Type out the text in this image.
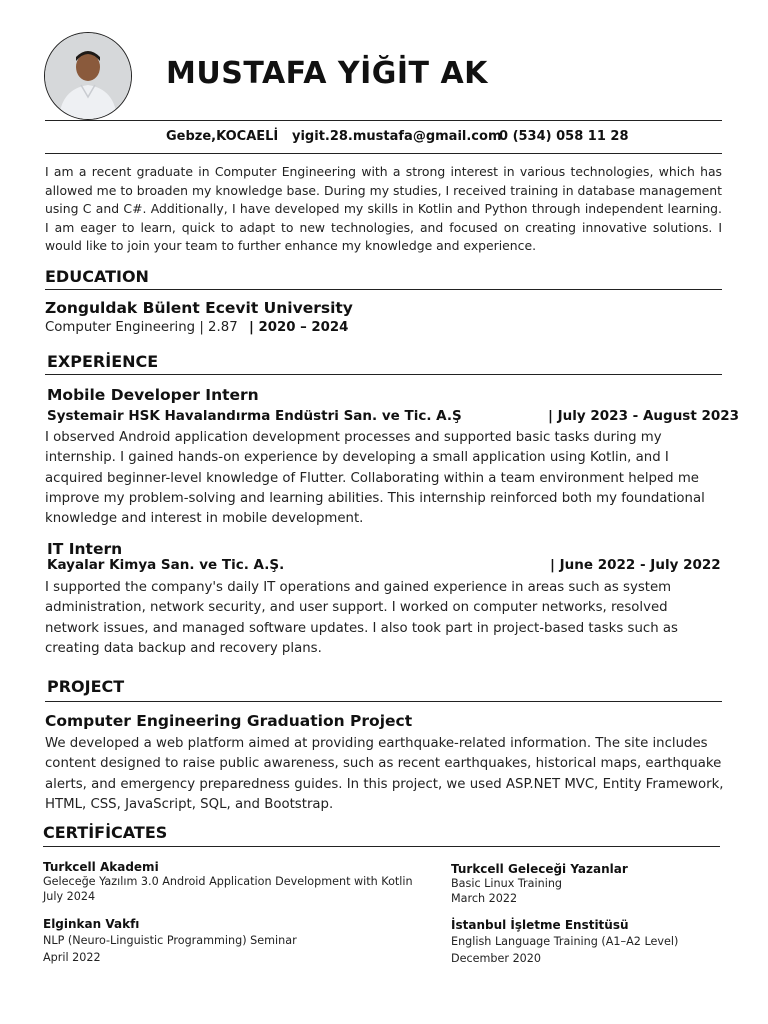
MUSTAFA YİĞİT AK
Gebze,KOCAELİ yigit.28.mustafa@gmail.com
0 (534) 058 11 28
I am a recent graduate in Computer Engineering with a strong interest in various technologies, which has allowed me to broaden my knowledge base. During my studies, I received training in database management using C and C#. Additionally, I have developed my skills in Kotlin and Python through independent learning. I am eager to learn, quick to adapt to new technologies, and focused on creating innovative solutions. I would like to join your team to further enhance my knowledge and experience.
EDUCATION
Zonguldak Bülent Ecevit University
Computer Engineering | 2.87 | 2020 – 2024
EXPERİENCE
Mobile Developer Intern
Systemair HSK Havalandırma Endüstri San. ve Tic. A.Ş	| July 2023 - August 2023
I observed Android application development processes and supported basic tasks during my internship. I gained hands-on experience by developing a small application using Kotlin, and I acquired beginner-level knowledge of Flutter. Collaborating within a team environment helped me improve my problem-solving and learning abilities. This internship reinforced both my foundational knowledge and interest in mobile development.
IT Intern
Kayalar Kimya San. ve Tic. A.Ş.	| June 2022 - July 2022
I supported the company's daily IT operations and gained experience in areas such as system administration, network security, and user support. I worked on computer networks, resolved network issues, and managed software updates. I also took part in project-based tasks such as creating data backup and recovery plans.
PROJECT
Computer Engineering Graduation Project
We developed a web platform aimed at providing earthquake-related information. The site includes content designed to raise public awareness, such as recent earthquakes, historical maps, earthquake alerts, and emergency preparedness guides. In this project, we used ASP.NET MVC, Entity Framework, HTML, CSS, JavaScript, SQL, and Bootstrap.
CERTİFİCATES
Turkcell Akademi
Geleceğe Yazılım 3.0 Android Application Development with Kotlin
July 2024
Turkcell Geleceği Yazanlar
Basic Linux Training
March 2022
Elginkan Vakfı
NLP (Neuro-Linguistic Programming) Seminar
April 2022
İstanbul İşletme Enstitüsü
English Language Training (A1–A2 Level)
December 2020
